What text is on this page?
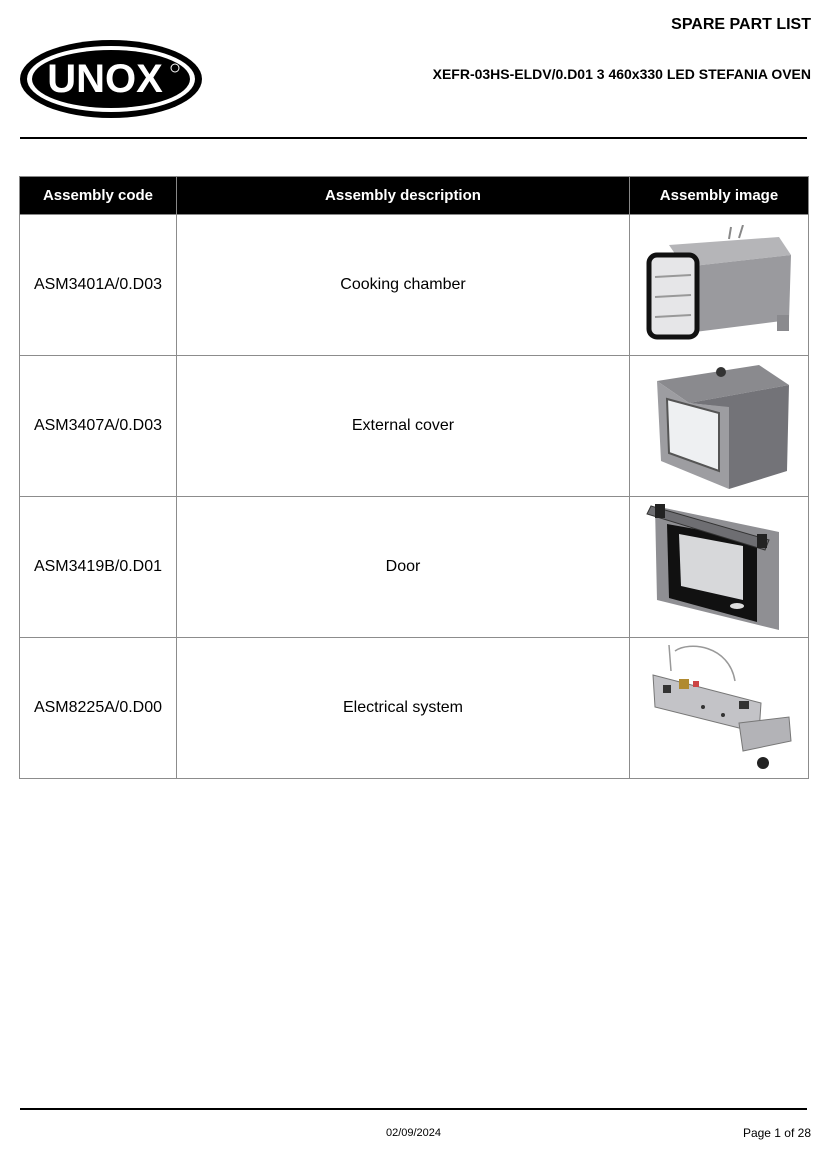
UNOX
SPARE PART LIST
XEFR-03HS-ELDV/0.D01 3 460x330 LED STEFANIA OVEN
Assembly code	Assembly description	Assembly image
ASM3401A/0.D03	Cooking chamber	

ASM3407A/0.D03	External cover	

ASM3419B/0.D01	Door	

ASM8225A/0.D00	Electrical system	
02/09/2024	Page 1 of 28
